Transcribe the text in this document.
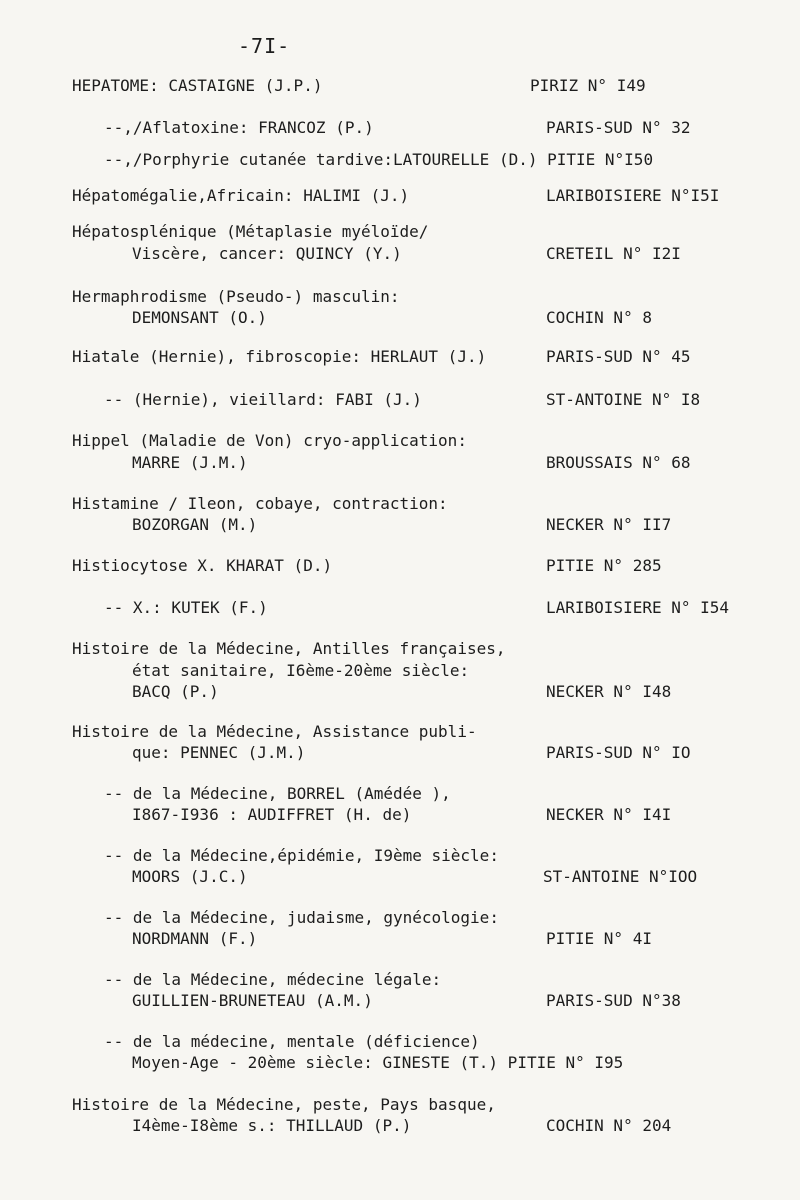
-7I-
HEPATOME: CASTAIGNE (J.P.)	PIRIZ N° I49
--,/Aflatoxine: FRANCOZ (P.)	PARIS-SUD N° 32
--,/Porphyrie cutanée tardive:LATOURELLE (D.) PITIE N°I50
Hépatomégalie,Africain: HALIMI (J.)	LARIBOISIERE N°I5I
Hépatosplénique (Métaplasie myéloïde/
Viscère, cancer: QUINCY (Y.)	CRETEIL N° I2I
Hermaphrodisme (Pseudo-) masculin:
DEMONSANT (O.)	COCHIN N° 8
Hiatale (Hernie), fibroscopie: HERLAUT (J.)	PARIS-SUD N° 45
-- (Hernie), vieillard: FABI (J.)	ST-ANTOINE N° I8
Hippel (Maladie de Von) cryo-application:
MARRE (J.M.)	BROUSSAIS N° 68
Histamine / Ileon, cobaye, contraction:
BOZORGAN (M.)	NECKER N° II7
Histiocytose X. KHARAT (D.)	PITIE N° 285
-- X.: KUTEK (F.)	LARIBOISIERE N° I54
Histoire de la Médecine, Antilles françaises,
état sanitaire, I6ème-20ème siècle:
BACQ (P.)	NECKER N° I48
Histoire de la Médecine, Assistance publi-
que: PENNEC (J.M.)	PARIS-SUD N° IO
-- de la Médecine, BORREL (Amédée ),
I867-I936 : AUDIFFRET (H. de)	NECKER N° I4I
-- de la Médecine,épidémie, I9ème siècle:
MOORS (J.C.)	ST-ANTOINE N°IOO
-- de la Médecine, judaisme, gynécologie:
NORDMANN (F.)	PITIE N° 4I
-- de la Médecine, médecine légale:
GUILLIEN-BRUNETEAU (A.M.)	PARIS-SUD N°38
-- de la médecine, mentale (déficience)
Moyen-Age - 20ème siècle: GINESTE (T.) PITIE N° I95
Histoire de la Médecine, peste, Pays basque,
I4ème-I8ème s.: THILLAUD (P.)	COCHIN N° 204
